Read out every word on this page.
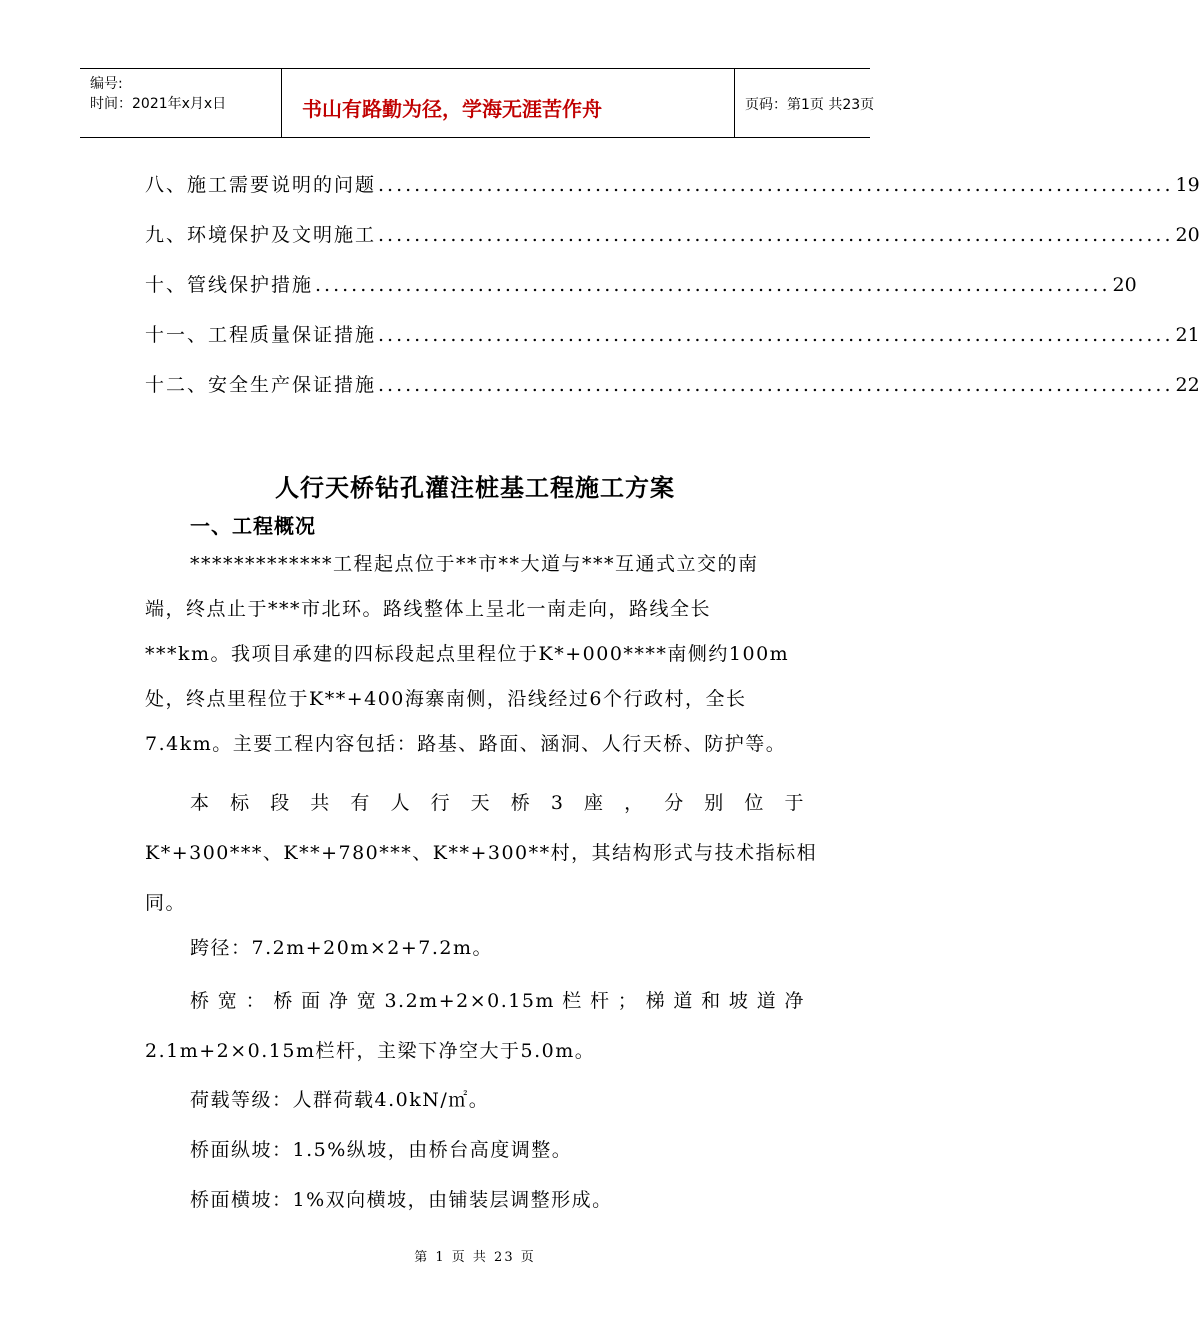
编号:
时间：2021年x月x日	书山有路勤为径，学海无涯苦作舟	页码：第1页 共23页
八、施工需要说明的问题 ........................................................................................ 19
九、环境保护及文明施工 ........................................................................................ 20
十、管线保护措施 ........................................................................................ 20
十一、工程质量保证措施 ........................................................................................ 21
十二、安全生产保证措施 ........................................................................................ 22
人行天桥钻孔灌注桩基工程施工方案
一、工程概况
*************工程起点位于**市**大道与***互通式立交的南
端，终点止于***市北环。路线整体上呈北一南走向，路线全长
***km。我项目承建的四标段起点里程位于K*+000****南侧约100m
处，终点里程位于K**+400海寨南侧，沿线经过6个行政村，全长
7.4km。主要工程内容包括：路基、路面、涵洞、人行天桥、防护等。
本 标 段 共 有 人 行 天 桥 3 座 ， 分 别 位 于
K*+300***、K**+780***、K**+300**村，其结构形式与技术指标相
同。
跨径：7.2m+20m×2+7.2m。
桥 宽 ： 桥 面 净 宽 3.2m+2×0.15m 栏 杆 ； 梯 道 和 坡 道 净
2.1m+2×0.15m栏杆，主梁下净空大于5.0m。
荷载等级：人群荷载4.0kN/㎡。
桥面纵坡：1.5%纵坡，由桥台高度调整。
桥面横坡：1%双向横坡，由铺装层调整形成。
第 1 页 共 23 页
